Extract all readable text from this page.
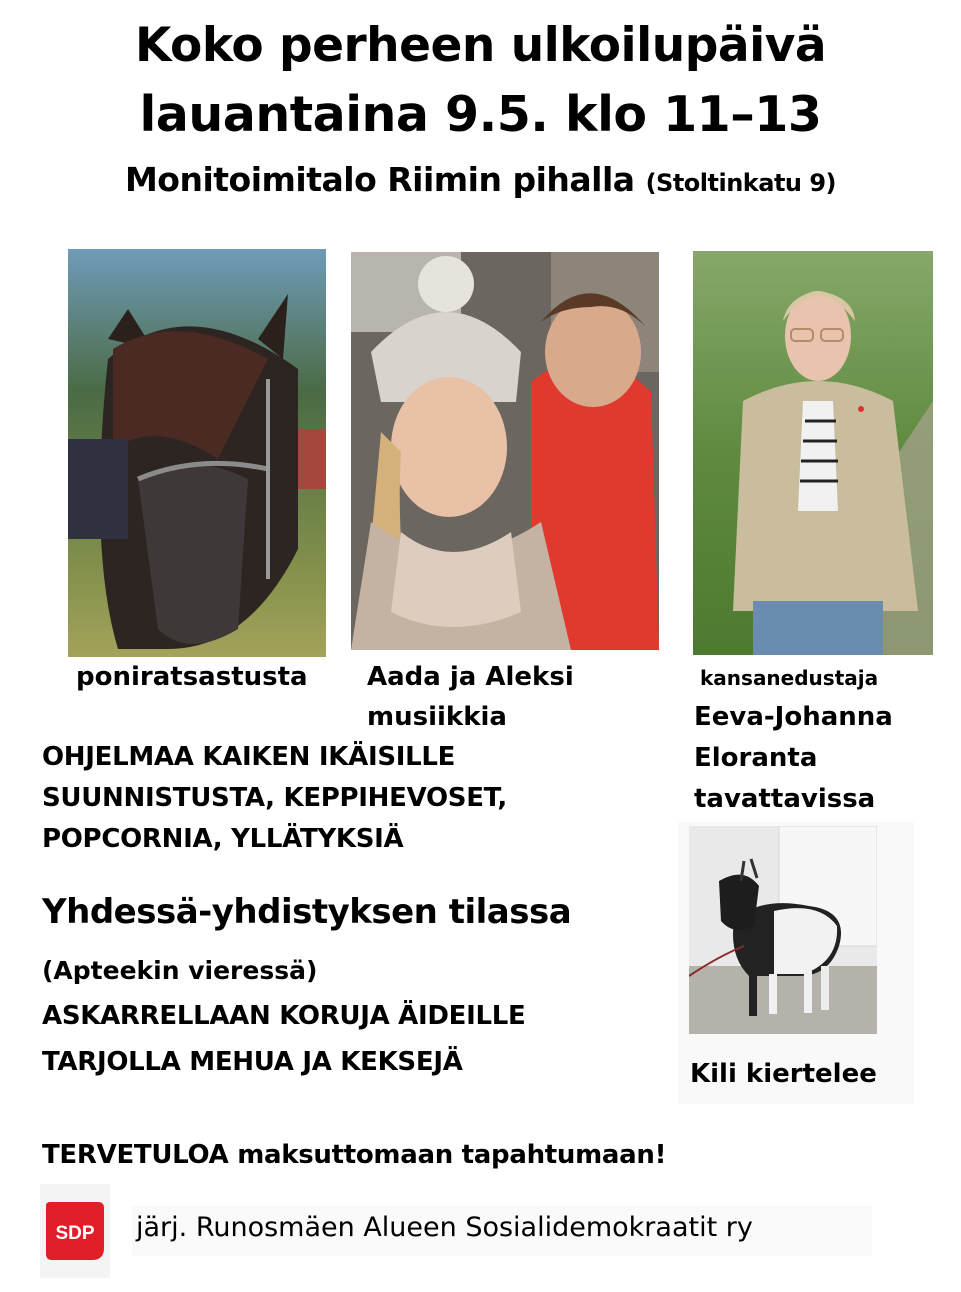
Koko perheen ulkoilupäivä
lauantaina 9.5. klo 11–13
Monitoimitalo Riimin pihalla (Stoltinkatu 9)
poniratsastusta Aada ja Aleksi
musiikkia
kansanedustaja
Eeva-Johanna
Eloranta
tavattavissa
OHJELMAA KAIKEN IKÄISILLE
SUUNNISTUSTA, KEPPIHEVOSET,
POPCORNIA, YLLÄTYKSIÄ
Yhdessä-yhdistyksen tilassa
(Apteekin vieressä)
ASKARRELLAAN KORUJA ÄIDEILLE
TARJOLLA MEHUA JA KEKSEJÄ	Kili kiertelee
TERVETULOA maksuttomaan tapahtumaan!
SDP järj. Runosmäen Alueen Sosialidemokraatit ry
